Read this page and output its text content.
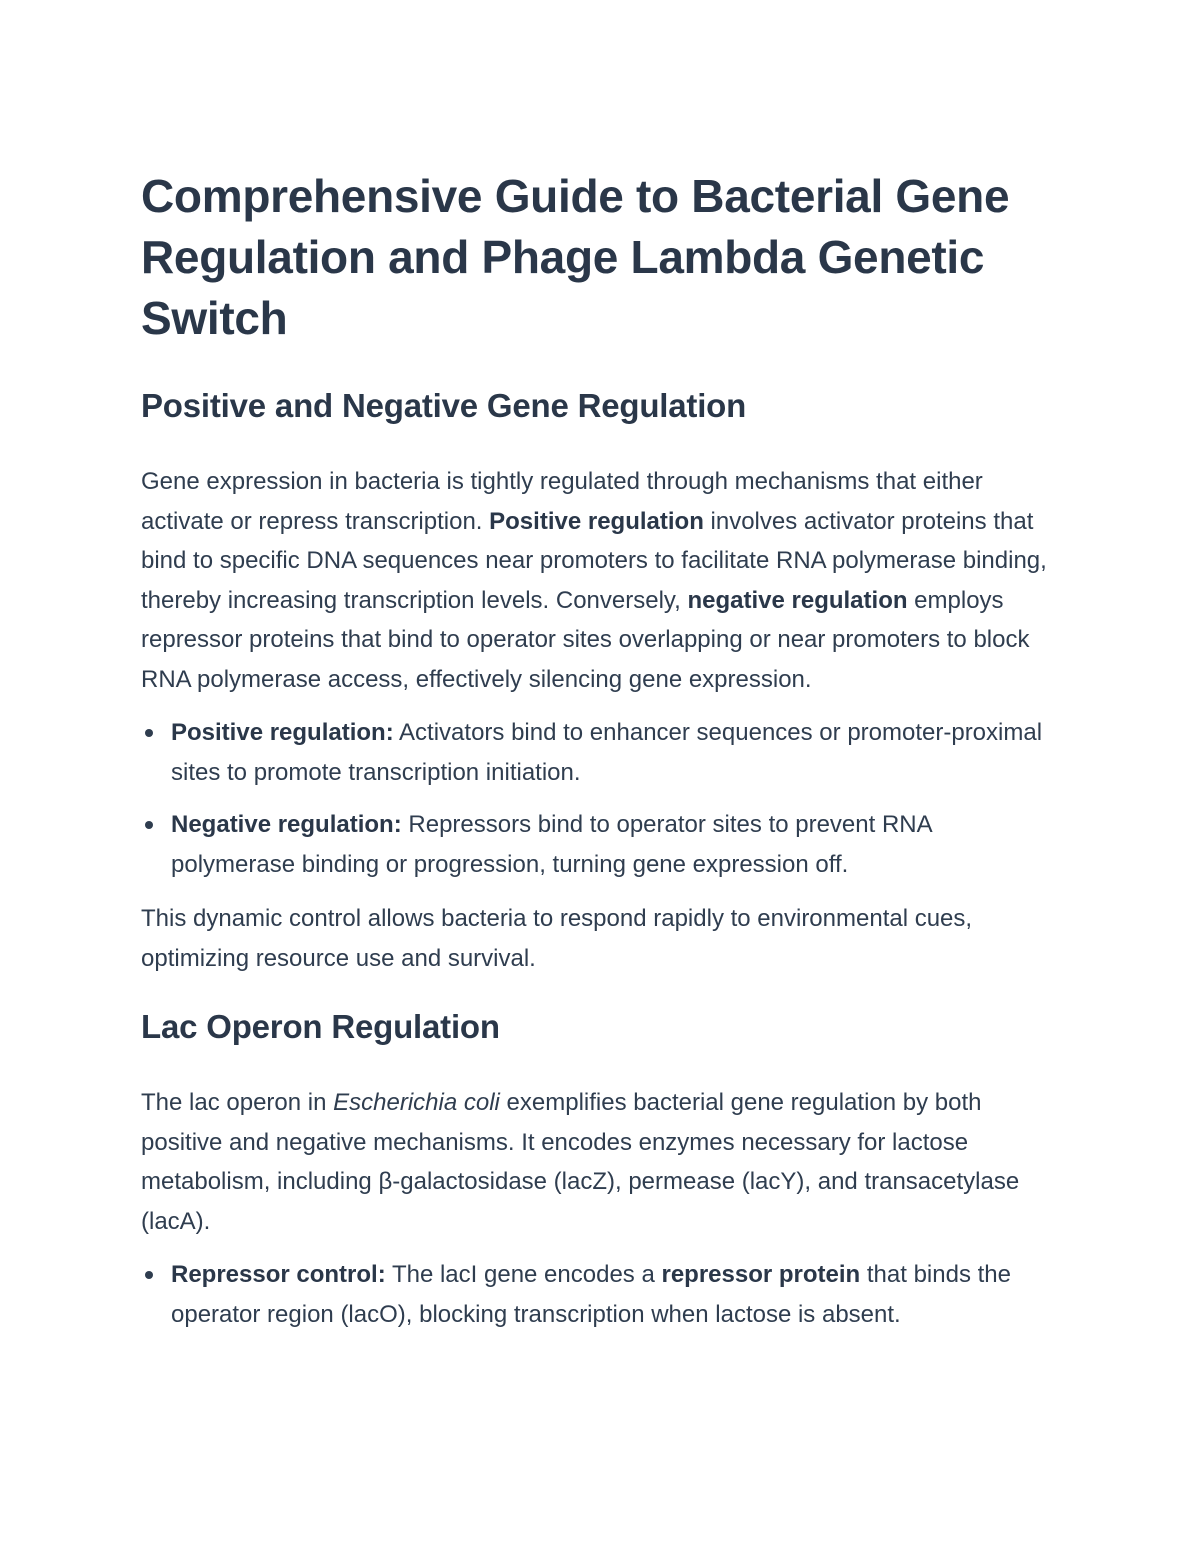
Comprehensive Guide to Bacterial Gene Regulation and Phage Lambda Genetic Switch
Positive and Negative Gene Regulation

Gene expression in bacteria is tightly regulated through mechanisms that either activate or repress transcription. Positive regulation involves activator proteins that bind to specific DNA sequences near promoters to facilitate RNA polymerase binding, thereby increasing transcription levels. Conversely, negative regulation employs repressor proteins that bind to operator sites overlapping or near promoters to block RNA polymerase access, effectively silencing gene expression.

Positive regulation: Activators bind to enhancer sequences or promoter-proximal sites to promote transcription initiation.
Negative regulation: Repressors bind to operator sites to prevent RNA polymerase binding or progression, turning gene expression off.

This dynamic control allows bacteria to respond rapidly to environmental cues, optimizing resource use and survival.

Lac Operon Regulation

The lac operon in Escherichia coli exemplifies bacterial gene regulation by both positive and negative mechanisms. It encodes enzymes necessary for lactose metabolism, including β-galactosidase (lacZ), permease (lacY), and transacetylase (lacA).

Repressor control: The lacI gene encodes a repressor protein that binds the operator region (lacO), blocking transcription when lactose is absent.
